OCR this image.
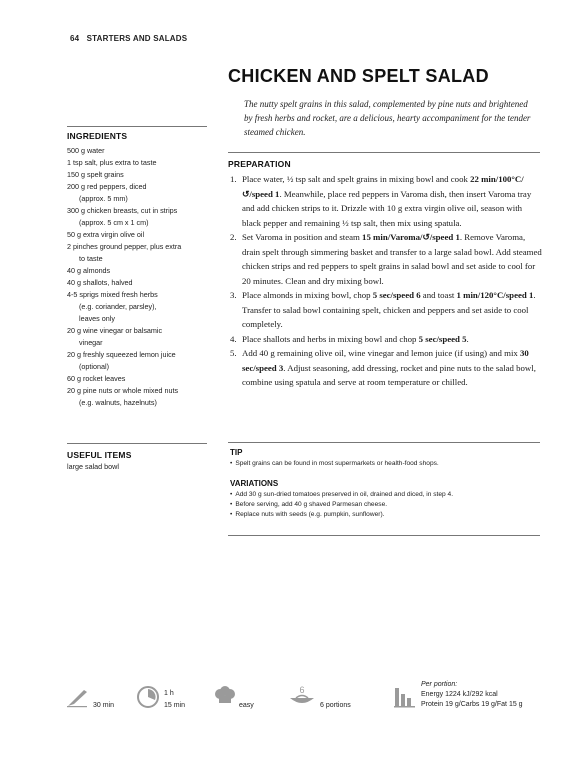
64 STARTERS AND SALADS
CHICKEN AND SPELT SALAD
The nutty spelt grains in this salad, complemented by pine nuts and brightened by fresh herbs and rocket, are a delicious, hearty accompaniment for the tender steamed chicken.
INGREDIENTS
500 g water
1 tsp salt, plus extra to taste
150 g spelt grains
200 g red peppers, diced
(approx. 5 mm)
300 g chicken breasts, cut in strips
(approx. 5 cm x 1 cm)
50 g extra virgin olive oil
2 pinches ground pepper, plus extra
to taste
40 g almonds
40 g shallots, halved
4-5 sprigs mixed fresh herbs
(e.g. coriander, parsley),
leaves only
20 g wine vinegar or balsamic
vinegar
20 g freshly squeezed lemon juice
(optional)
60 g rocket leaves
20 g pine nuts or whole mixed nuts
(e.g. walnuts, hazelnuts)
USEFUL ITEMS
large salad bowl
PREPARATION
1. Place water, ½ tsp salt and spelt grains in mixing bowl and cook 22 min/100°C/↺/speed 1. Meanwhile, place red peppers in Varoma dish, then insert Varoma tray and add chicken strips to it. Drizzle with 10 g extra virgin olive oil, season with black pepper and remaining ½ tsp salt, then mix using spatula.
2. Set Varoma in position and steam 15 min/Varoma/↺/speed 1. Remove Varoma, drain spelt through simmering basket and transfer to a large salad bowl. Add steamed chicken strips and red peppers to spelt grains in salad bowl and set aside to cool for 20 minutes. Clean and dry mixing bowl.
3. Place almonds in mixing bowl, chop 5 sec/speed 6 and toast 1 min/120°C/speed 1. Transfer to salad bowl containing spelt, chicken and peppers and set aside to cool completely.
4. Place shallots and herbs in mixing bowl and chop 5 sec/speed 5.
5. Add 40 g remaining olive oil, wine vinegar and lemon juice (if using) and mix 30 sec/speed 3. Adjust seasoning, add dressing, rocket and pine nuts to the salad bowl, combine using spatula and serve at room temperature or chilled.
TIP
• Spelt grains can be found in most supermarkets or health-food shops.
VARIATIONS
• Add 30 g sun-dried tomatoes preserved in oil, drained and diced, in step 4.
• Before serving, add 40 g shaved Parmesan cheese.
• Replace nuts with seeds (e.g. pumpkin, sunflower).
30 min
1 h
15 min	easy
6
6 portions
Per portion:
Energy 1224 kJ/292 kcal
Protein 19 g/Carbs 19 g/Fat 15 g
